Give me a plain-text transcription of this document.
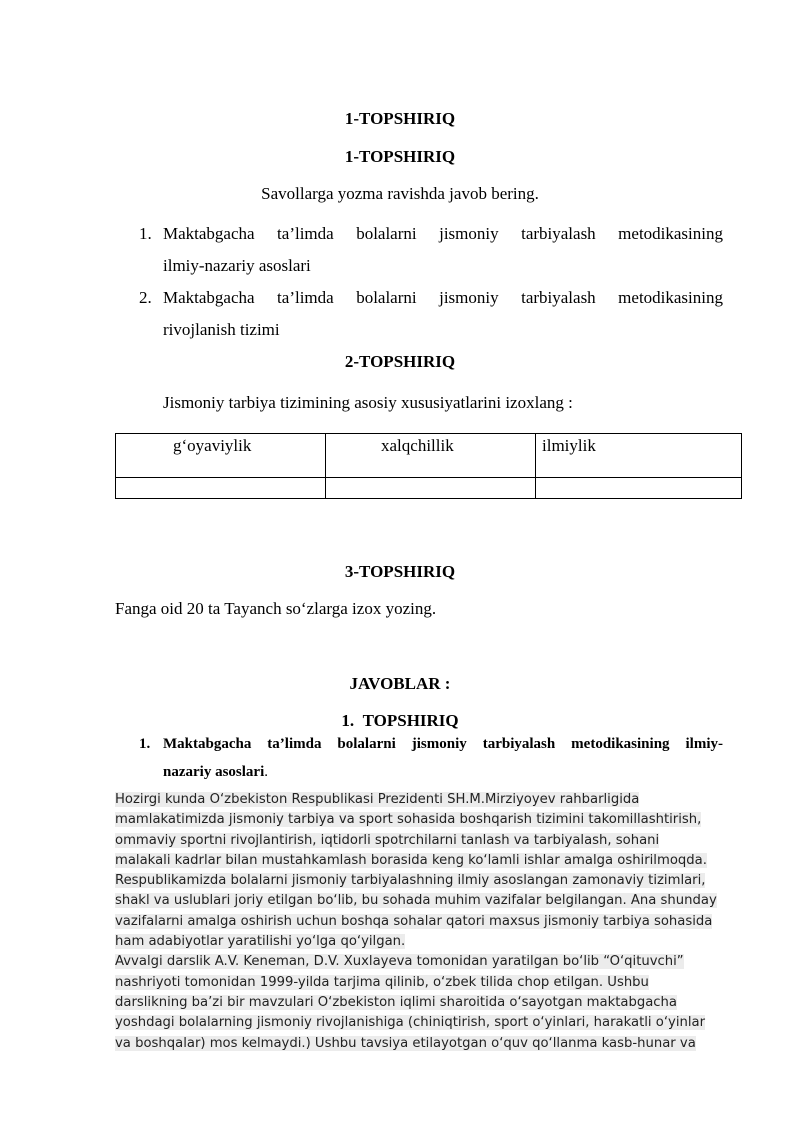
1-TOPSHIRIQ
1-TOPSHIRIQ
Savollarga yozma ravishda javob bering.
1. Maktabgacha ta’limda bolalarni jismoniy tarbiyalash metodikasining
ilmiy-nazariy asoslari
2. Maktabgacha ta’limda bolalarni jismoniy tarbiyalash metodikasining
rivojlanish tizimi
2-TOPSHIRIQ
Jismoniy tarbiya tizimining asosiy xususiyatlarini izoxlang :
g‘oyaviylik	xalqchillik	ilmiylik

3-TOPSHIRIQ
Fanga oid 20 ta Tayanch so‘zlarga izox yozing.
JAVOBLAR :
1. TOPSHIRIQ
1. Maktabgacha ta’limda bolalarni jismoniy tarbiyalash metodikasining ilmiy-
nazariy asoslari.
Hozirgi kunda O‘zbekiston Respublikasi Prezidenti SH.M.Mirziyoyev rahbarligida
mamlakatimizda jismoniy tarbiya va sport sohasida boshqarish tizimini takomillashtirish,
ommaviy sportni rivojlantirish, iqtidorli spotrchilarni tanlash va tarbiyalash, sohani
malakali kadrlar bilan mustahkamlash borasida keng ko‘lamli ishlar amalga oshirilmoqda.
Respublikamizda bolalarni jismoniy tarbiyalashning ilmiy asoslangan zamonaviy tizimlari,
shakl va uslublari joriy etilgan bo‘lib, bu sohada muhim vazifalar belgilangan. Ana shunday
vazifalarni amalga oshirish uchun boshqa sohalar qatori maxsus jismoniy tarbiya sohasida
ham adabiyotlar yaratilishi yo‘lga qo‘yilgan.
Avvalgi darslik A.V. Keneman, D.V. Xuxlayeva tomonidan yaratilgan bo‘lib “O‘qituvchi”
nashriyoti tomonidan 1999-yilda tarjima qilinib, o‘zbek tilida chop etilgan. Ushbu
darslikning ba’zi bir mavzulari O‘zbekiston iqlimi sharoitida o‘sayotgan maktabgacha
yoshdagi bolalarning jismoniy rivojlanishiga (chiniqtirish, sport o‘yinlari, harakatli o‘yinlar
va boshqalar) mos kelmaydi.) Ushbu tavsiya etilayotgan o‘quv qo‘llanma kasb-hunar va
